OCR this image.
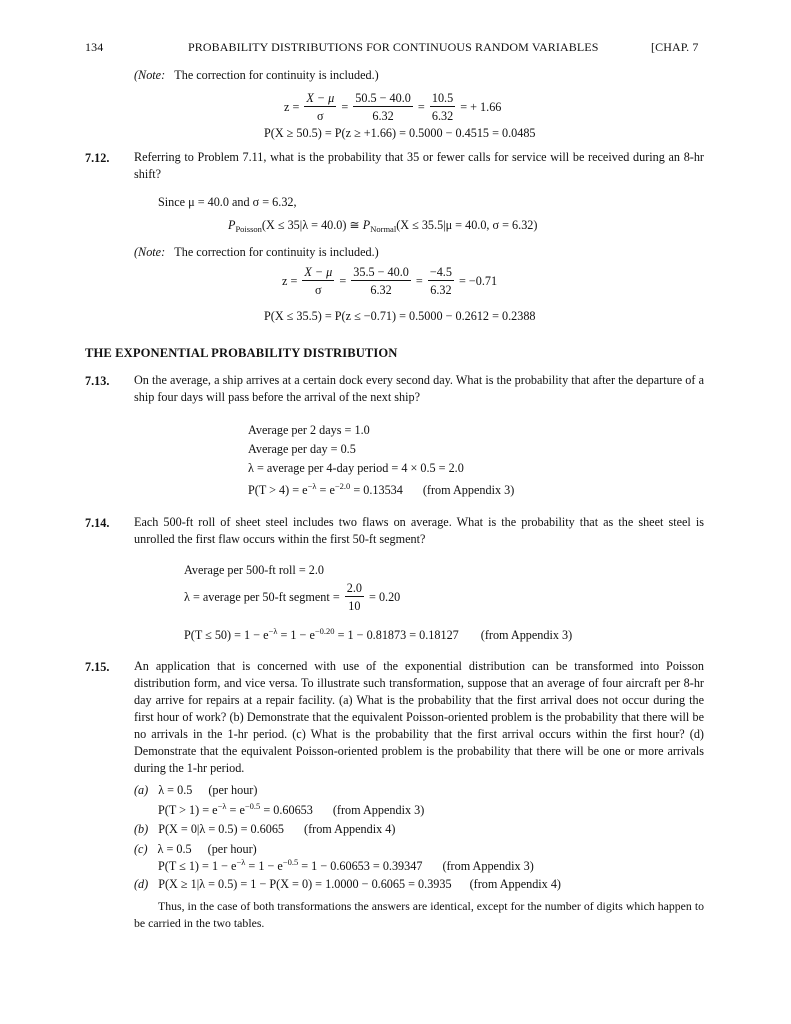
134	PROBABILITY DISTRIBUTIONS FOR CONTINUOUS RANDOM VARIABLES	[CHAP. 7
(Note: The correction for continuity is included.)
$z = \frac{X - \mu}{\sigma} = \frac{50.5 - 40.0}{6.32} = \frac{10.5}{6.32}$ = + 1.66
P(X ≥ 50.5) = P(z ≥ +1.66) = 0.5000 − 0.4515 = 0.0485
7.12. Referring to Problem 7.11, what is the probability that 35 or fewer calls for service will be received during an 8-hr shift?
Since μ = 40.0 and σ = 6.32,
$P_{Poisson}(X \le 35|\lambda = 40.0)$ ≅ $P_{Normal}(X \le 35.5|\mu = 40.0$, σ = 6.32)
(Note: The correction for continuity is included.)
$z = \frac{X - \mu}{\sigma} = \frac{35.5 - 40.0}{6.32} = \frac{-4.5}{6.32} = -0.71$
P(X ≤ 35.5) = P(z ≤ −0.71) = 0.5000 − 0.2612 = 0.2388
THE EXPONENTIAL PROBABILITY DISTRIBUTION
7.13. On the average, a ship arrives at a certain dock every second day. What is the probability that after the departure of a ship four days will pass before the arrival of the next ship?
Average per 2 days = 1.0
Average per day = 0.5
λ = average per 4-day period = 4 × 0.5 = 2.0
$P(T > 4) = e^{-\lambda} = e^{-2.0} = 0.13534$ (from Appendix 3)
7.14. Each 500-ft roll of sheet steel includes two flaws on average. What is the probability that as the sheet steel is unrolled the first flaw occurs within the first 50-ft segment?
Average per 500-ft roll = 2.0
λ = average per 50-ft segment = $\frac{2.0}{10} = 0.20$
$P(T \le 50) = 1 - e^{-\lambda} = 1 - e^{-0.20} = 1 - 0.81873 = 0.18127$ (from Appendix 3)
7.15. An application that is concerned with use of the exponential distribution can be transformed into Poisson distribution form, and vice versa. To illustrate such transformation, suppose that an average of four aircraft per 8-hr day arrive for repairs at a repair facility. (a) What is the probability that the first arrival does not occur during the first hour of work? (b) Demonstrate that the equivalent Poisson-oriented problem is the probability that there will be no arrivals in the 1-hr period. (c) What is the probability that the first arrival occurs within the first hour? (d) Demonstrate that the equivalent Poisson-oriented problem is the probability that there will be one or more arrivals during the 1-hr period.
(a) λ = 0.5 (per hour)
$P(T > 1) = e^{-\lambda} = e^{-0.5} = 0.60653$ (from Appendix 3)
(b) P(X = 0|λ = 0.5) = 0.6065 (from Appendix 4)
(c) λ = 0.5 (per hour)
$P(T \le 1) = 1 - e^{-\lambda} = 1 - e^{-0.5} = 1 - 0.60653 = 0.39347$ (from Appendix 3)
(d) P(X ≥ 1|λ = 0.5) = 1 − P(X = 0) = 1.0000 − 0.6065 = 0.3935 (from Appendix 4)
Thus, in the case of both transformations the answers are identical, except for the number of digits which happen to be carried in the two tables.
